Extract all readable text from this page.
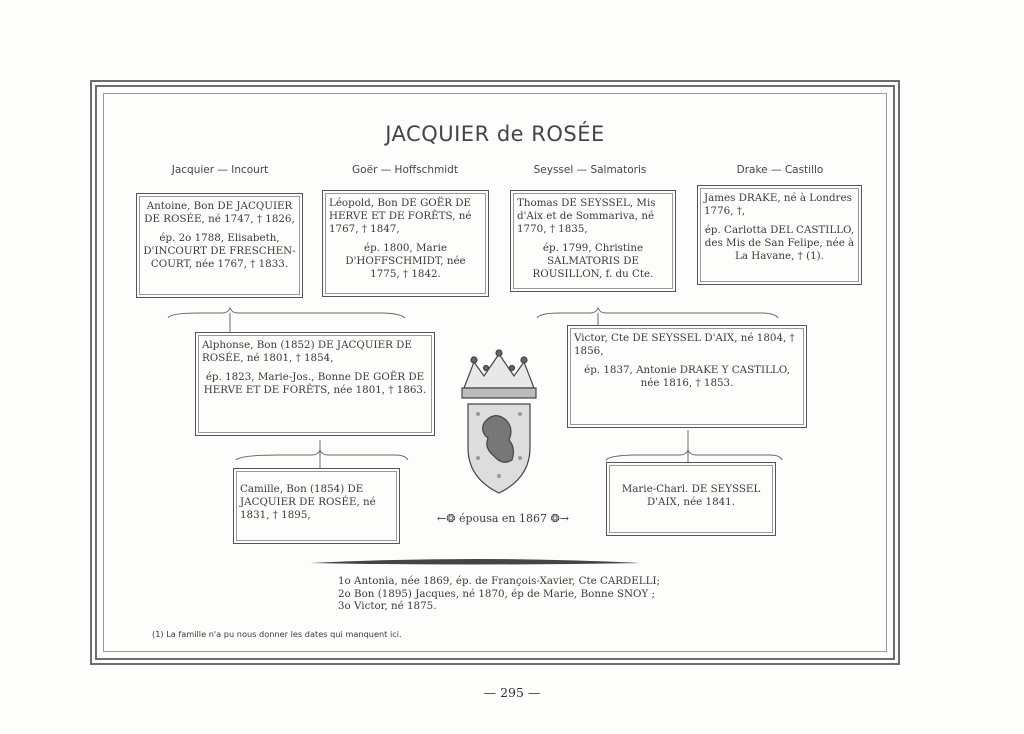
JACQUIER de ROSÉE
Jacquier — Incourt	Goër — Hoffschmidt	Seyssel — Salmatoris	Drake — Castillo

Antoine, Bon DE JACQUIER DE ROSÉE, né 1747, † 1826,

ép. 2o 1788, Elisabeth, D'INCOURT DE FRESCHEN-COURT, née 1767, † 1833.

Léopold, Bon DE GOËR DE HERVE ET DE FORÊTS, né 1767, † 1847,

ép. 1800, Marie D'HOFFSCHMIDT, née 1775, † 1842.

Thomas DE SEYSSEL, Mis d'Aix et de Sommariva, né 1770, † 1835,

ép. 1799, Christine SALMATORIS DE ROUSILLON, f. du Cte.

James DRAKE, né à Londres 1776, †,

ép. Carlotta DEL CASTILLO, des Mis de San Felipe, née à La Havane, † (1).

Alphonse, Bon (1852) DE JACQUIER DE ROSÉE, né 1801, † 1854,

ép. 1823, Marie-Jos., Bonne DE GOËR DE HERVE ET DE FORÊTS, née 1801, † 1863.

Victor, Cte DE SEYSSEL D'AIX, né 1804, † 1856,

ép. 1837, Antonie DRAKE Y CASTILLO, née 1816, † 1853.

Camille, Bon (1854) DE JACQUIER DE ROSÉE, né 1831, † 1895,

Marie-Charl. DE SEYSSEL D'AIX, née 1841.

←❂ épousa en 1867 ❂→
1o Antonia, née 1869, ép. de François-Xavier, Cte CARDELLI;
2o Bon (1895) Jacques, né 1870, ép de Marie, Bonne SNOY ;
3o Victor, né 1875.
(1) La famille n'a pu nous donner les dates qui manquent ici.
— 295 —
